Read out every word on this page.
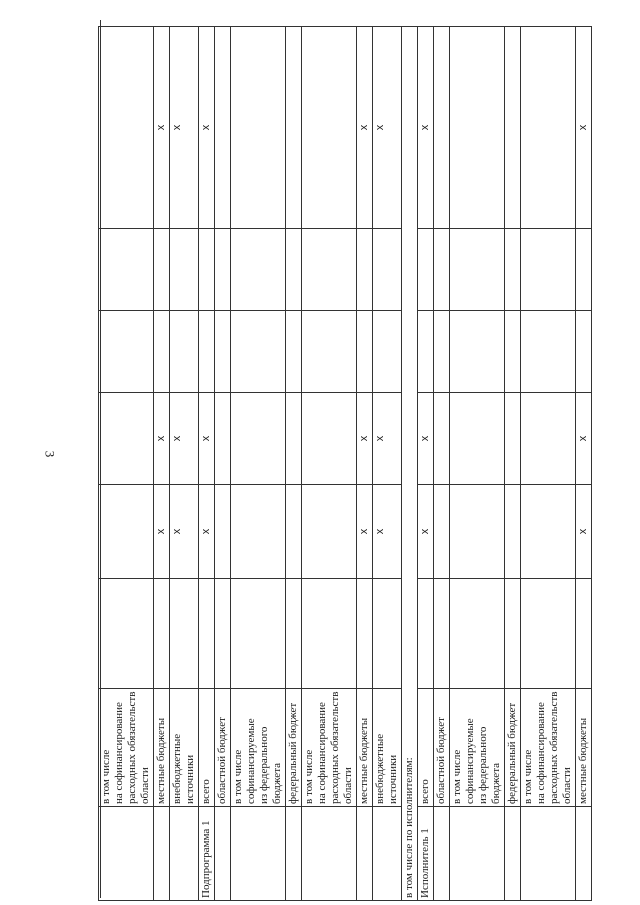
3

	в том числе на софинансирование расходных обязательств области						

	местные бюджеты		x	x			x

	внебюджетные источники		x	x			x
Подпрограмма 1	всего		x	x			x

	областной бюджет						

	в том числе софинансируемые из федерального бюджета						

	федеральный бюджет						

	в том числе на софинансирование расходных обязательств области						

	местные бюджеты		x	x			x

	внебюджетные источники		x	x			x
в том числе по исполнителям:							
Исполнитель 1	всего		x	x			x

	областной бюджет						

	в том числе софинансируемые из федерального бюджета						

	федеральный бюджет						

	в том числе на софинансирование расходных обязательств области						

	местные бюджеты		x	x			x
